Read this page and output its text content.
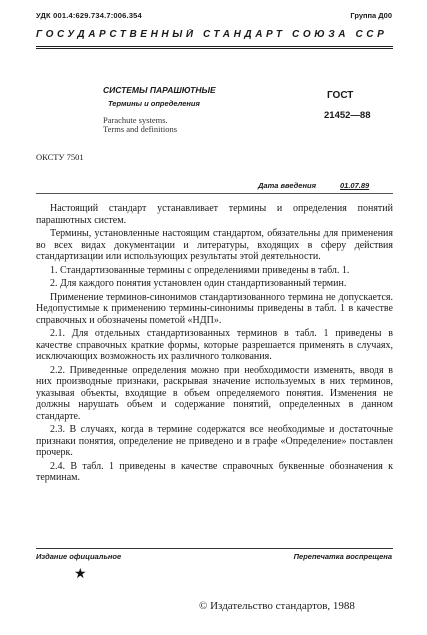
УДК 001.4:629.734.7:006.354	Группа Д00
ГОСУДАРСТВЕННЫЙ СТАНДАРТ СОЮЗА ССР
СИСТЕМЫ ПАРАШЮТНЫЕ
Термины и определения
Parachute systems.
Terms and definitions
ГОСТ
21452—88
ОКСТУ 7501
Дата введения	01.07.89

Настоящий стандарт устанавливает термины и определения понятий парашютных систем.

Термины, установленные настоящим стандартом, обязательны для применения во всех видах документации и литературы, входящих в сферу действия стандартизации или использующих результаты этой деятельности.

1. Стандартизованные термины с определениями приведены в табл. 1.

2. Для каждого понятия установлен один стандартизованный термин.

Применение терминов-синонимов стандартизованного термина не допускается. Недопустимые к применению термины-синонимы приведены в табл. 1 в качестве справочных и обозначены пометой «НДП».

2.1. Для отдельных стандартизованных терминов в табл. 1 приведены в качестве справочных краткие формы, которые разрешается применять в случаях, исключающих возможность их различного толкования.

2.2. Приведенные определения можно при необходимости изменять, вводя в них производные признаки, раскрывая значение используемых в них терминов, указывая объекты, входящие в объем определяемого понятия. Изменения не должны нарушать объем и содержание понятий, определенных в данном стандарте.

2.3. В случаях, когда в термине содержатся все необходимые и достаточные признаки понятия, определение не приведено и в графе «Определение» поставлен прочерк.

2.4. В табл. 1 приведены в качестве справочных буквенные обозначения к терминам.

Издание официальное	Перепечатка воспрещена
★
© Издательство стандартов, 1988
